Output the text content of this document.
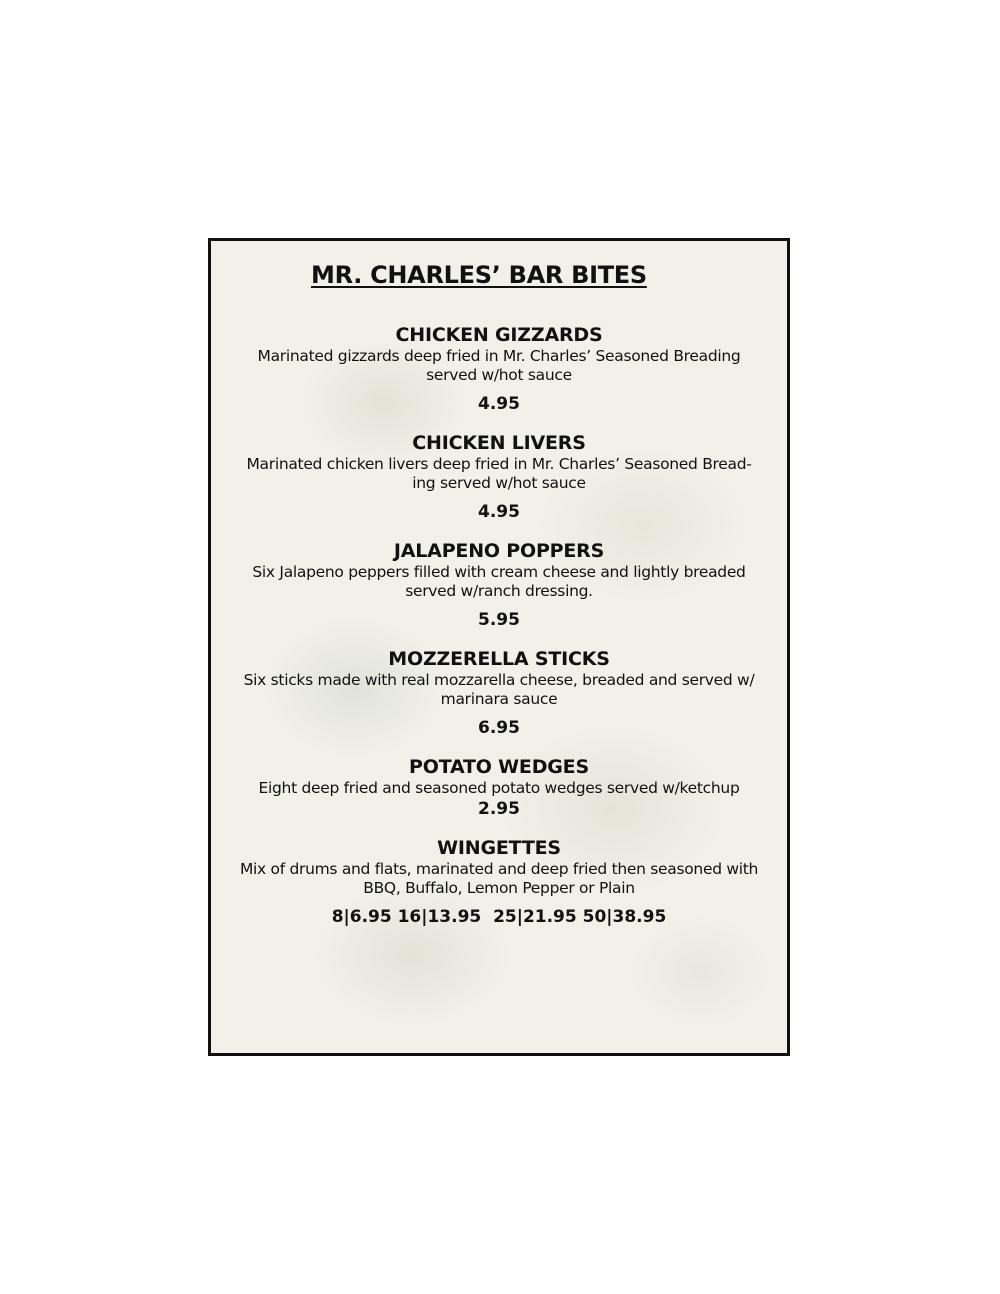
MR. CHARLES’ BAR BITES

CHICKEN GIZZARDS

Marinated gizzards deep fried in Mr. Charles’ Seasoned Breading

served w/hot sauce

4.95

CHICKEN LIVERS

Marinated chicken livers deep fried in Mr. Charles’ Seasoned Bread-

ing served w/hot sauce

4.95

JALAPENO POPPERS

Six Jalapeno peppers filled with cream cheese and lightly breaded

served w/ranch dressing.

5.95

MOZZERELLA STICKS

Six sticks made with real mozzarella cheese, breaded and served w/

marinara sauce

6.95

POTATO WEDGES

Eight deep fried and seasoned potato wedges served w/ketchup

2.95

WINGETTES

Mix of drums and flats, marinated and deep fried then seasoned with

BBQ, Buffalo, Lemon Pepper or Plain

8|6.95 16|13.95  25|21.95 50|38.95
